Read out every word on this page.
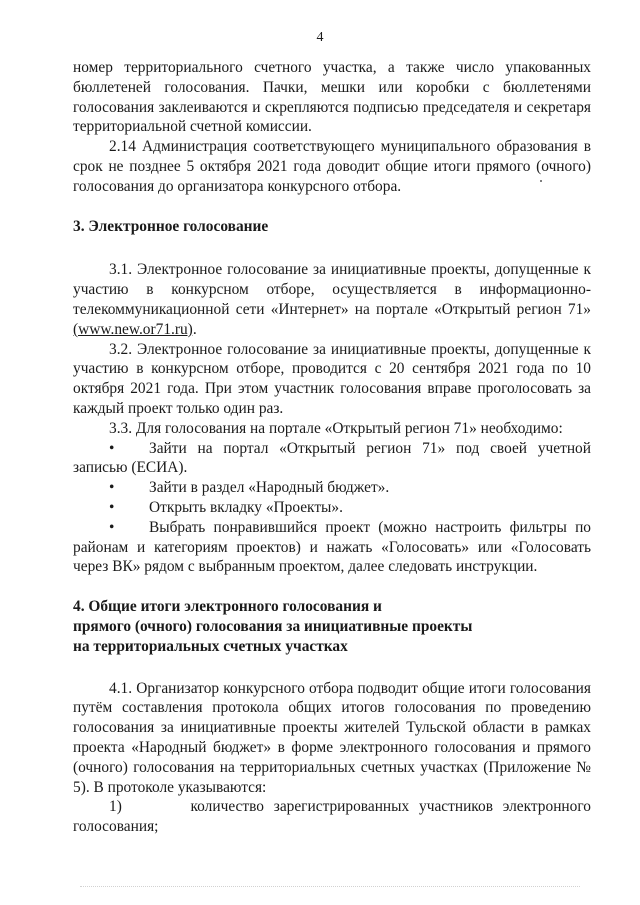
4

номер территориального счетного участка, а также число упакованных бюллетеней голосования. Пачки, мешки или коробки с бюллетенями голосования заклеиваются и скрепляются подписью председателя и секретаря территориальной счетной комиссии.

2.14 Администрация соответствующего муниципального образования в срок не позднее 5 октября 2021 года доводит общие итоги прямого (очного) голосования до организатора конкурсного отбора.

3. Электронное голосование

3.1. Электронное голосование за инициативные проекты, допущенные к участию в конкурсном отборе, осуществляется в информационно-телекоммуникационной сети «Интернет» на портале «Открытый регион 71» (www.new.or71.ru).

3.2. Электронное голосование за инициативные проекты, допущенные к участию в конкурсном отборе, проводится с 20 сентября 2021 года по 10 октября 2021 года. При этом участник голосования вправе проголосовать за каждый проект только один раз.

3.3. Для голосования на портале «Открытый регион 71» необходимо:

• Зайти на портал «Открытый регион 71» под своей учетной записью (ЕСИА).

• Зайти в раздел «Народный бюджет».

• Открыть вкладку «Проекты».

• Выбрать понравившийся проект (можно настроить фильтры по районам и категориям проектов) и нажать «Голосовать» или «Голосовать через ВК» рядом с выбранным проектом, далее следовать инструкции.

4. Общие итоги электронного голосования и

прямого (очного) голосования за инициативные проекты

на территориальных счетных участках

4.1. Организатор конкурсного отбора подводит общие итоги голосования путём составления протокола общих итогов голосования по проведению голосования за инициативные проекты жителей Тульской области в рамках проекта «Народный бюджет» в форме электронного голосования и прямого (очного) голосования на территориальных счетных участках (Приложение № 5). В протоколе указываются:

1)       количество зарегистрированных участников электронного голосования;
